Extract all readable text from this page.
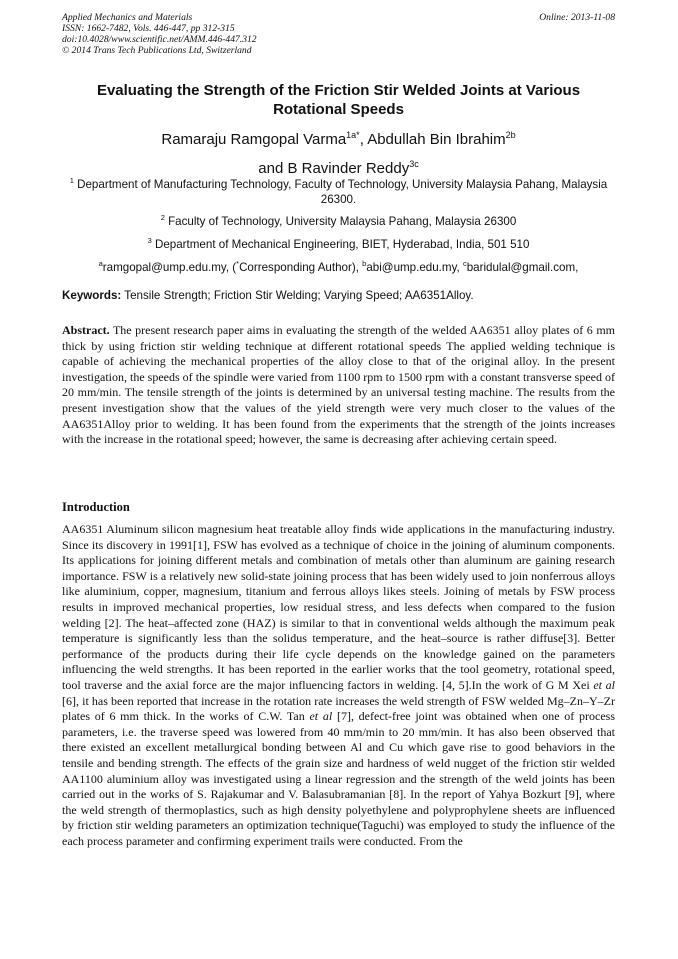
Applied Mechanics and Materials
ISSN: 1662-7482, Vols. 446-447, pp 312-315
doi:10.4028/www.scientific.net/AMM.446-447.312
© 2014 Trans Tech Publications Ltd, Switzerland
Online: 2013-11-08
Evaluating the Strength of the Friction Stir Welded Joints at Various Rotational Speeds
Ramaraju Ramgopal Varma$^{1a*}$, Abdullah Bin Ibrahim$^{2b}$
and B Ravinder Reddy$^{3c}$

$^1$ Department of Manufacturing Technology, Faculty of Technology, University Malaysia Pahang, Malaysia 26300.

$^2$ Faculty of Technology, University Malaysia Pahang, Malaysia 26300

$^3$ Department of Mechanical Engineering, BIET, Hyderabad, India, 501 510

$^a$ramgopal@ump.edu.my, (*Corresponding Author), $^b$abi@ump.edu.my, $^c$baridulal@gmail.com,

Keywords: Tensile Strength; Friction Stir Welding; Varying Speed; AA6351Alloy.
Abstract. The present research paper aims in evaluating the strength of the welded AA6351 alloy plates of 6 mm thick by using friction stir welding technique at different rotational speeds The applied welding technique is capable of achieving the mechanical properties of the alloy close to that of the original alloy. In the present investigation, the speeds of the spindle were varied from 1100 rpm to 1500 rpm with a constant transverse speed of 20 mm/min. The tensile strength of the joints is determined by an universal testing machine. The results from the present investigation show that the values of the yield strength were very much closer to the values of the AA6351Alloy prior to welding. It has been found from the experiments that the strength of the joints increases with the increase in the rotational speed; however, the same is decreasing after achieving certain speed.
Introduction
AA6351 Aluminum silicon magnesium heat treatable alloy finds wide applications in the manufacturing industry. Since its discovery in 1991[1], FSW has evolved as a technique of choice in the joining of aluminum components. Its applications for joining different metals and combination of metals other than aluminum are gaining research importance. FSW is a relatively new solid-state joining process that has been widely used to join nonferrous alloys like aluminium, copper, magnesium, titanium and ferrous alloys likes steels. Joining of metals by FSW process results in improved mechanical properties, low residual stress, and less defects when compared to the fusion welding [2]. The heat–affected zone (HAZ) is similar to that in conventional welds although the maximum peak temperature is significantly less than the solidus temperature, and the heat–source is rather diffuse[3]. Better performance of the products during their life cycle depends on the knowledge gained on the parameters influencing the weld strengths. It has been reported in the earlier works that the tool geometry, rotational speed, tool traverse and the axial force are the major influencing factors in welding. [4, 5].In the work of G M Xei et al [6], it has been reported that increase in the rotation rate increases the weld strength of FSW welded Mg–Zn–Y–Zr plates of 6 mm thick. In the works of C.W. Tan et al [7], defect-free joint was obtained when one of process parameters, i.e. the traverse speed was lowered from 40 mm/min to 20 mm/min. It has also been observed that there existed an excellent metallurgical bonding between Al and Cu which gave rise to good behaviors in the tensile and bending strength. The effects of the grain size and hardness of weld nugget of the friction stir welded AA1100 aluminium alloy was investigated using a linear regression and the strength of the weld joints has been carried out in the works of S. Rajakumar and V. Balasubramanian [8]. In the report of Yahya Bozkurt [9], where the weld strength of thermoplastics, such as high density polyethylene and polyprophylene sheets are influenced by friction stir welding parameters an optimization technique(Taguchi) was employed to study the influence of the each process parameter and confirming experiment trails were conducted. From the
